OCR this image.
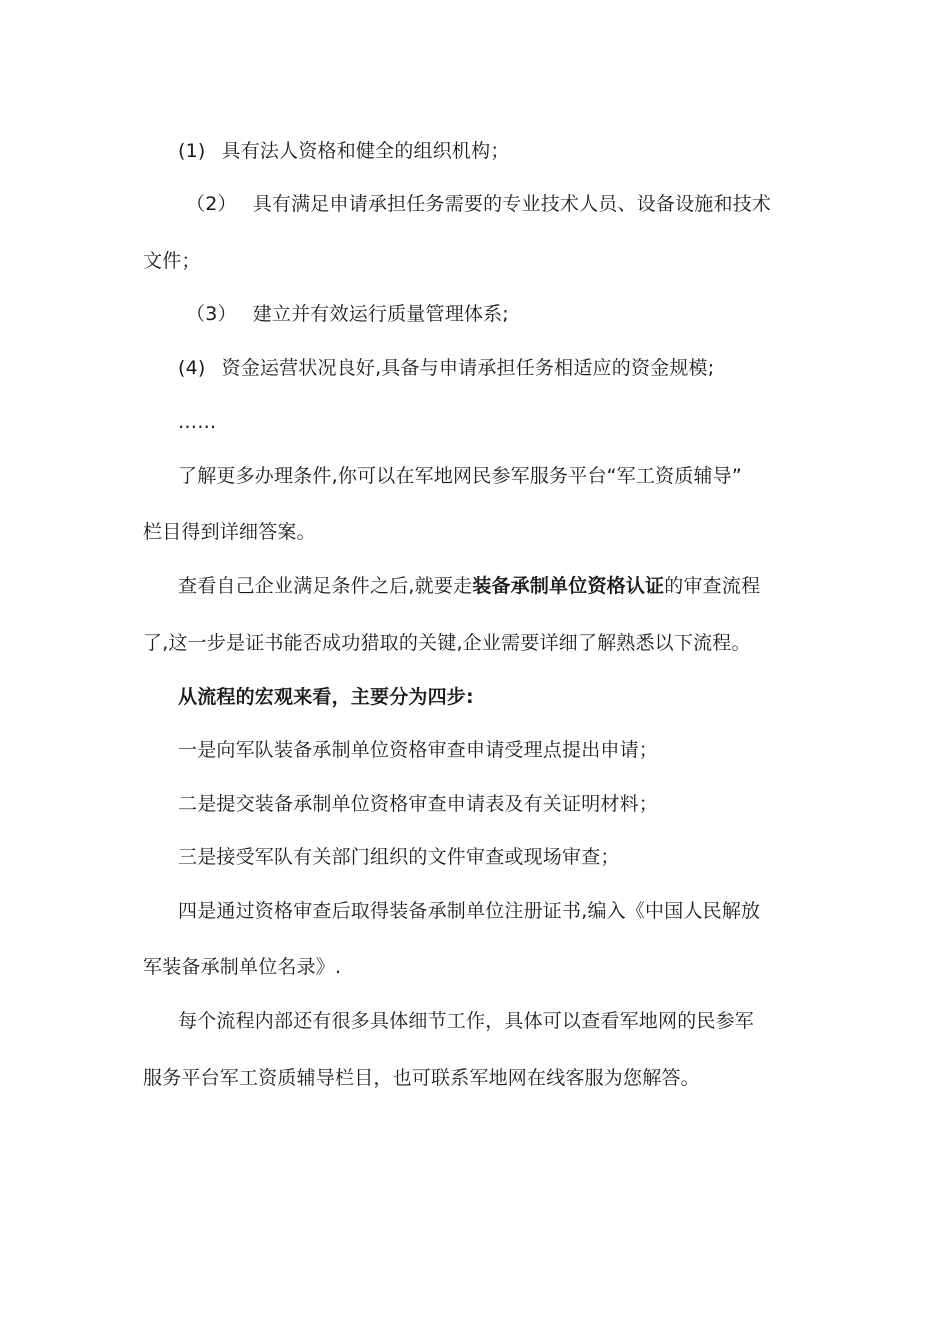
(1) 具有法人资格和健全的组织机构；
（2） 具有满足申请承担任务需要的专业技术人员、设备设施和技术
文件；
（3） 建立并有效运行质量管理体系;
(4) 资金运营状况良好,具备与申请承担任务相适应的资金规模;
……
了解更多办理条件,你可以在军地网民参军服务平台“军工资质辅导”
栏目得到详细答案。
查看自己企业满足条件之后,就要走装备承制单位资格认证的审查流程
了,这一步是证书能否成功猎取的关键,企业需要详细了解熟悉以下流程。
从流程的宏观来看，主要分为四步:
一是向军队装备承制单位资格审查申请受理点提出申请；
二是提交装备承制单位资格审查申请表及有关证明材料；
三是接受军队有关部门组织的文件审查或现场审查；
四是通过资格审查后取得装备承制单位注册证书,编入《中国人民解放
军装备承制单位名录》.
每个流程内部还有很多具体细节工作，具体可以查看军地网的民参军
服务平台军工资质辅导栏目，也可联系军地网在线客服为您解答。
